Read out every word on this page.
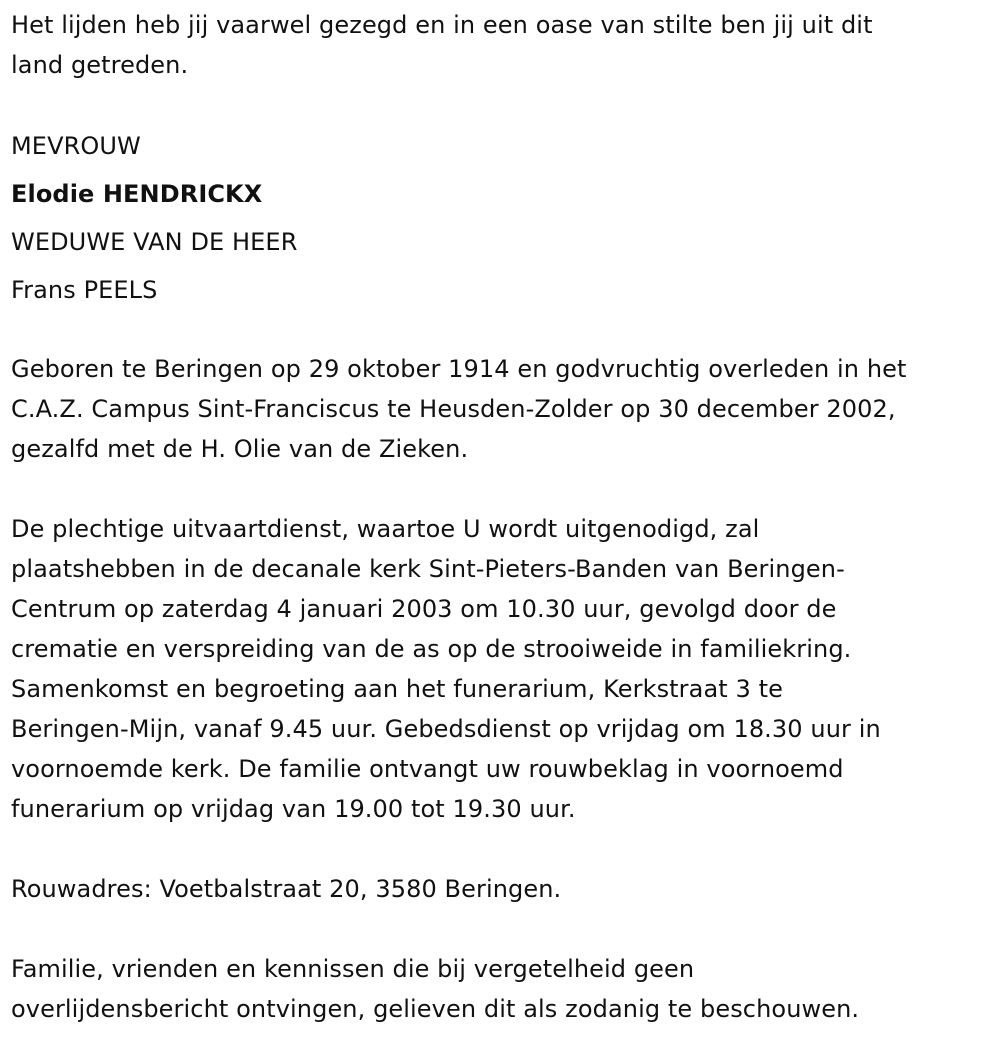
Het lijden heb jij vaarwel gezegd en in een oase van stilte ben jij uit dit
land getreden.
MEVROUW
Elodie HENDRICKX
WEDUWE VAN DE HEER
Frans PEELS
Geboren te Beringen op 29 oktober 1914 en godvruchtig overleden in het
C.A.Z. Campus Sint-Franciscus te Heusden-Zolder op 30 december 2002,
gezalfd met de H. Olie van de Zieken.
De plechtige uitvaartdienst, waartoe U wordt uitgenodigd, zal
plaatshebben in de decanale kerk Sint-Pieters-Banden van Beringen-
Centrum op zaterdag 4 januari 2003 om 10.30 uur, gevolgd door de
crematie en verspreiding van de as op de strooiweide in familiekring.
Samenkomst en begroeting aan het funerarium, Kerkstraat 3 te
Beringen-Mijn, vanaf 9.45 uur. Gebedsdienst op vrijdag om 18.30 uur in
voornoemde kerk. De familie ontvangt uw rouwbeklag in voornoemd
funerarium op vrijdag van 19.00 tot 19.30 uur.
Rouwadres: Voetbalstraat 20, 3580 Beringen.
Familie, vrienden en kennissen die bij vergetelheid geen
overlijdensbericht ontvingen, gelieven dit als zodanig te beschouwen.
